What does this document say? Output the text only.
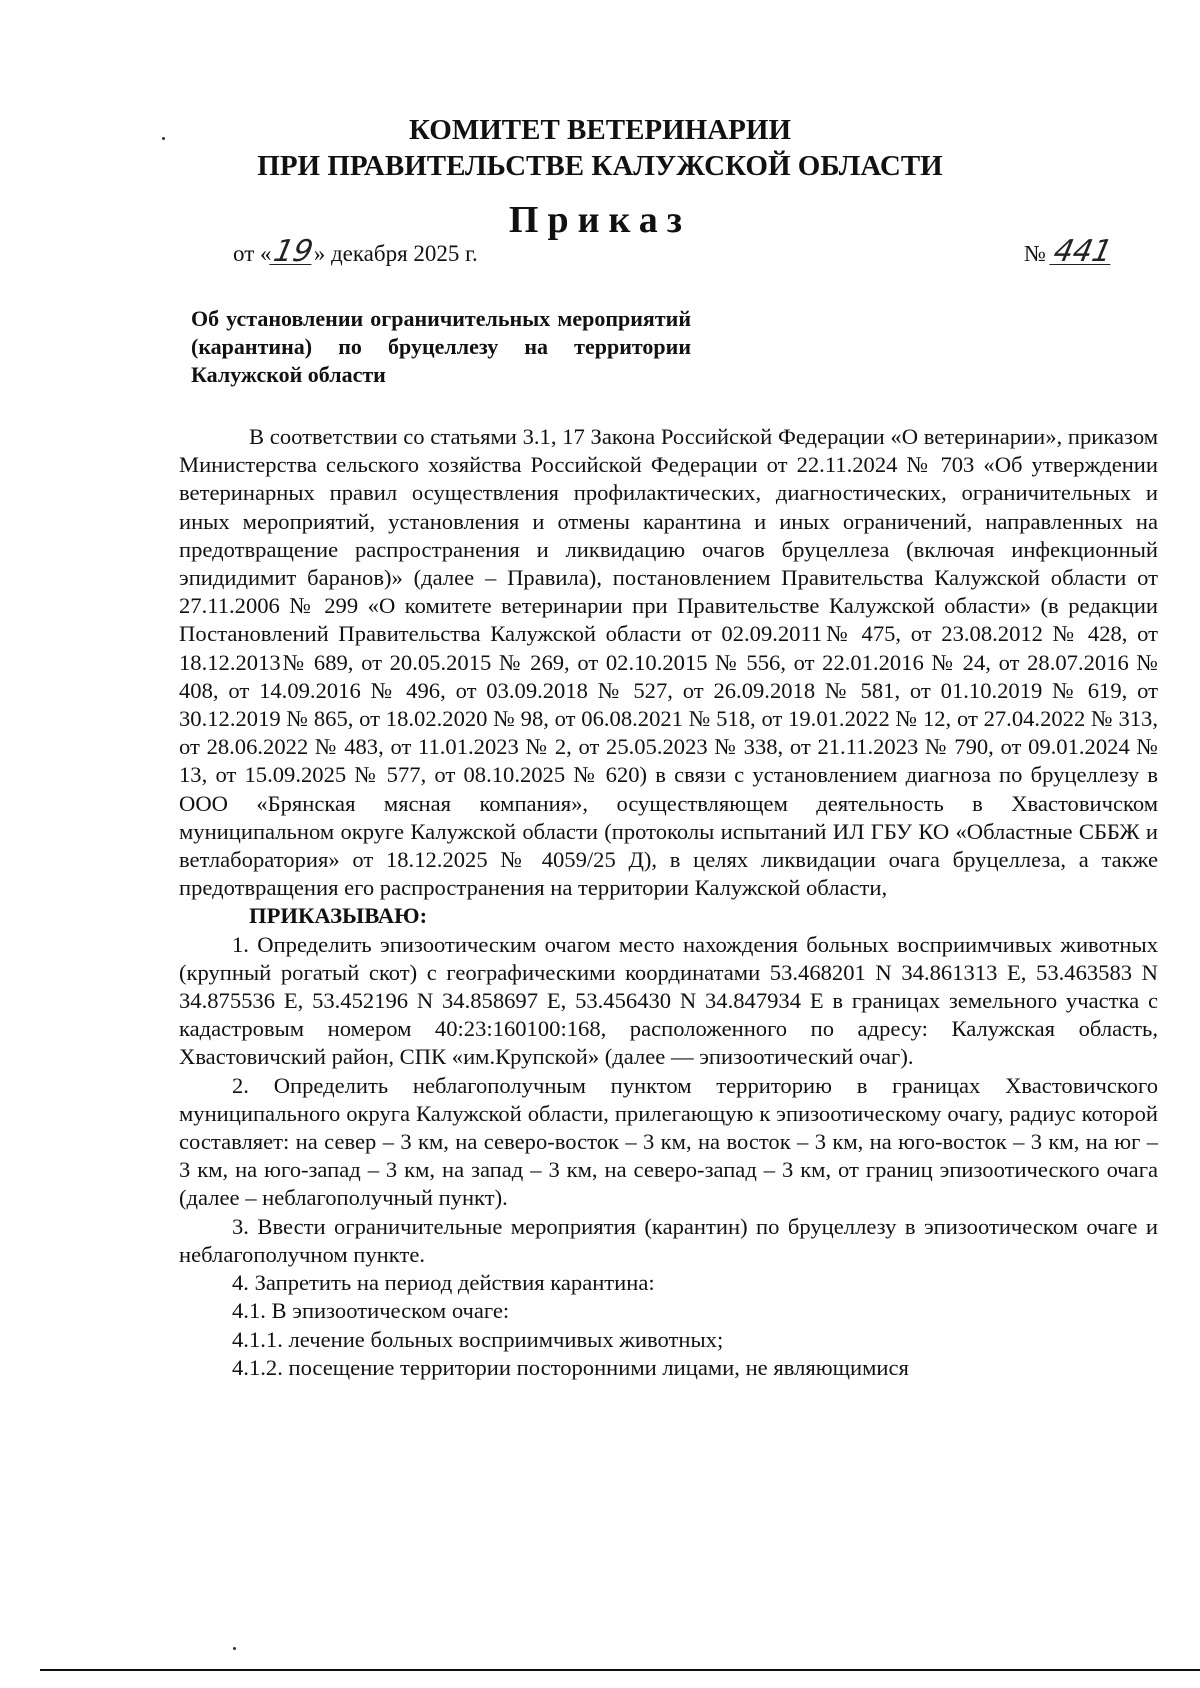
КОМИТЕТ ВЕТЕРИНАРИИ
ПРИ ПРАВИТЕЛЬСТВЕ КАЛУЖСКОЙ ОБЛАСТИ
Приказ
от «19» декабря 2025 г.	№ 441
Об установлении ограничительных мероприятий (карантина) по бруцеллезу на территории Калужской области

В соответствии со статьями 3.1, 17 Закона Российской Федерации «О ветеринарии», приказом Министерства сельского хозяйства Российской Федерации от 22.11.2024 № 703 «Об утверждении ветеринарных правил осуществления профилактических, диагностических, ограничительных и иных мероприятий, установления и отмены карантина и иных ограничений, направленных на предотвращение распространения и ликвидацию очагов бруцеллеза (включая инфекционный эпидидимит баранов)» (далее – Правила), постановлением Правительства Калужской области от 27.11.2006 № 299 «О комитете ветеринарии при Правительстве Калужской области» (в редакции Постановлений Правительства Калужской области от 02.09.2011№ 475, от 23.08.2012 № 428, от 18.12.2013№ 689, от 20.05.2015 № 269, от 02.10.2015 № 556, от 22.01.2016 № 24, от 28.07.2016 № 408, от 14.09.2016 № 496, от 03.09.2018 № 527, от 26.09.2018 № 581, от 01.10.2019 № 619, от 30.12.2019 № 865, от 18.02.2020 № 98, от 06.08.2021 № 518, от 19.01.2022 № 12, от 27.04.2022 № 313, от 28.06.2022 № 483, от 11.01.2023 № 2, от 25.05.2023 № 338, от 21.11.2023 № 790, от 09.01.2024 № 13, от 15.09.2025 № 577, от 08.10.2025 № 620) в связи с установлением диагноза по бруцеллезу в ООО «Брянская мясная компания», осуществляющем деятельность в Хвастовичском муниципальном округе Калужской области (протоколы испытаний ИЛ ГБУ КО «Областные СББЖ и ветлаборатория» от 18.12.2025 № 4059/25 Д), в целях ликвидации очага бруцеллеза, а также предотвращения его распространения на территории Калужской области,

ПРИКАЗЫВАЮ:

1. Определить эпизоотическим очагом место нахождения больных восприимчивых животных (крупный рогатый скот) с географическими координатами 53.468201 N 34.861313 E, 53.463583 N 34.875536 E, 53.452196 N 34.858697 E, 53.456430 N 34.847934 E в границах земельного участка с кадастровым номером 40:23:160100:168, расположенного по адресу: Калужская область, Хвастовичский район, СПК «им.Крупской» (далее — эпизоотический очаг).

2. Определить неблагополучным пунктом территорию в границах Хвастовичского муниципального округа Калужской области, прилегающую к эпизоотическому очагу, радиус которой составляет: на север – 3 км, на северо-восток – 3 км, на восток – 3 км, на юго-восток – 3 км, на юг – 3 км, на юго-запад – 3 км, на запад – 3 км, на северо-запад – 3 км, от границ эпизоотического очага (далее – неблагополучный пункт).

3. Ввести ограничительные мероприятия (карантин) по бруцеллезу в эпизоотическом очаге и неблагополучном пункте.

4. Запретить на период действия карантина:

4.1. В эпизоотическом очаге:

4.1.1. лечение больных восприимчивых животных;

4.1.2. посещение территории посторонними лицами, не являющимися
